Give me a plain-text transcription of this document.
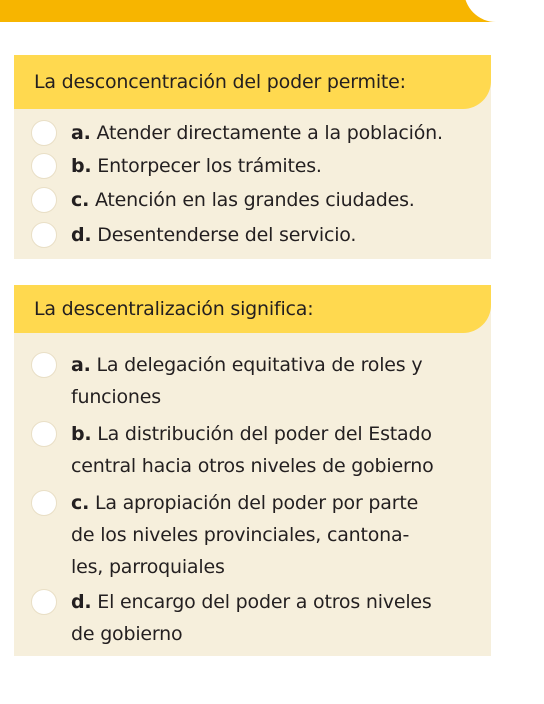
La desconcentración del poder permite:
a. Atender directamente a la población.
b. Entorpecer los trámites.
c. Atención en las grandes ciudades.
d. Desentenderse del servicio.
La descentralización significa:
a. La delegación equitativa de roles y
funciones
b. La distribución del poder del Estado
central hacia otros niveles de gobierno
c. La apropiación del poder por parte
de los niveles provinciales, cantona-
les, parroquiales
d. El encargo del poder a otros niveles
de gobierno
